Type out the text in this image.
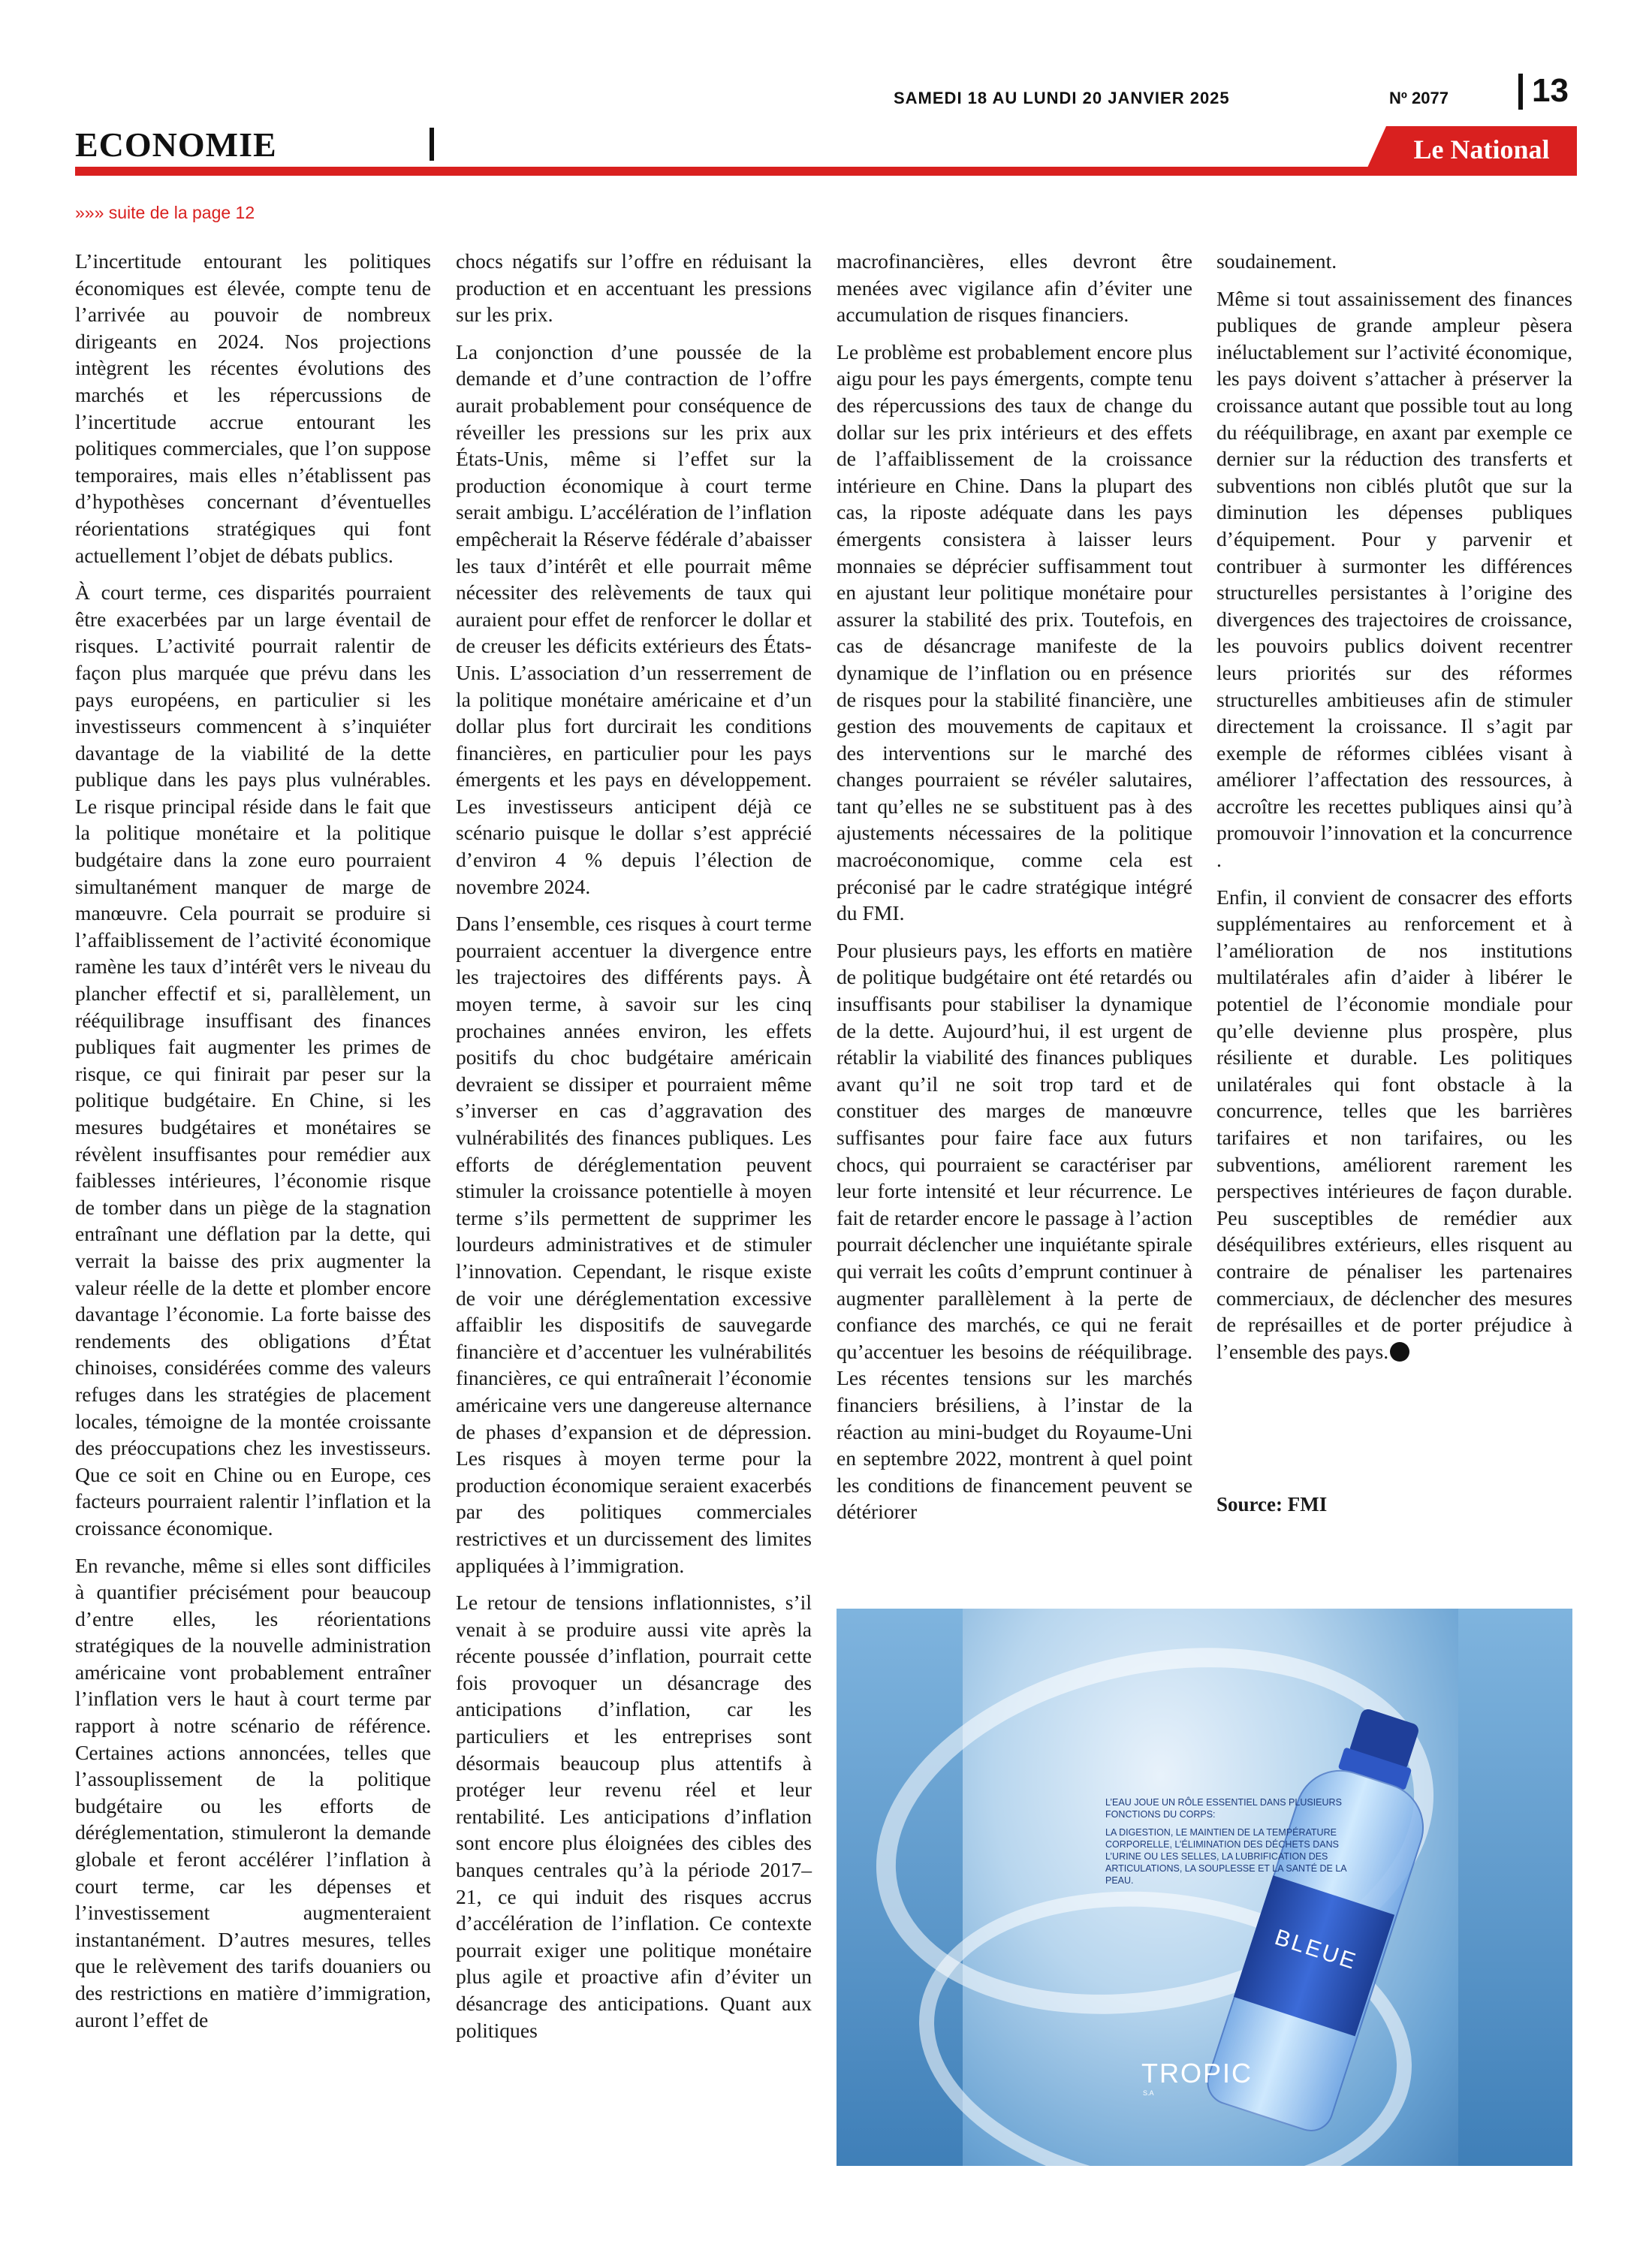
SAMEDI 18 AU LUNDI 20 JANVIER 2025	Nº 2077	13
ECONOMIE	Le National
»»» suite de la page 12

L’incertitude entourant les politiques économiques est élevée, compte tenu de l’arrivée au pouvoir de nombreux dirigeants en 2024. Nos projections intègrent les récentes évolutions des marchés et les répercussions de l’incertitude accrue entourant les politiques commerciales, que l’on suppose temporaires, mais elles n’établissent pas d’hypothèses concernant d’éventuelles réorientations stratégiques qui font actuellement l’objet de débats publics.

À court terme, ces disparités pourraient être exacerbées par un large éventail de risques. L’activité pourrait ralentir de façon plus marquée que prévu dans les pays européens, en particulier si les investisseurs commencent à s’inquiéter davantage de la viabilité de la dette publique dans les pays plus vulnérables. Le risque principal réside dans le fait que la politique monétaire et la politique budgétaire dans la zone euro pourraient simultanément manquer de marge de manœuvre. Cela pourrait se produire si l’affaiblissement de l’activité économique ramène les taux d’intérêt vers le niveau du plancher effectif et si, parallèlement, un rééquilibrage insuffisant des finances publiques fait augmenter les primes de risque, ce qui finirait par peser sur la politique budgétaire. En Chine, si les mesures budgétaires et monétaires se révèlent insuffisantes pour remédier aux faiblesses intérieures, l’économie risque de tomber dans un piège de la stagnation entraînant une déflation par la dette, qui verrait la baisse des prix augmenter la valeur réelle de la dette et plomber encore davantage l’économie. La forte baisse des rendements des obligations d’État chinoises, considérées comme des valeurs refuges dans les stratégies de placement locales, témoigne de la montée croissante des préoccupations chez les investisseurs. Que ce soit en Chine ou en Europe, ces facteurs pourraient ralentir l’inflation et la croissance économique.

En revanche, même si elles sont difficiles à quantifier précisément pour beaucoup d’entre elles, les réorientations stratégiques de la nouvelle administration américaine vont probablement entraîner l’inflation vers le haut à court terme par rapport à notre scénario de référence. Certaines actions annoncées, telles que l’assouplissement de la politique budgétaire ou les efforts de déréglementation, stimuleront la demande globale et feront accélérer l’inflation à court terme, car les dépenses et l’investissement augmenteraient instantanément. D’autres mesures, telles que le relèvement des tarifs douaniers ou des restrictions en matière d’immigration, auront l’effet de

chocs négatifs sur l’offre en réduisant la production et en accentuant les pressions sur les prix.

La conjonction d’une poussée de la demande et d’une contraction de l’offre aurait probablement pour conséquence de réveiller les pressions sur les prix aux États-Unis, même si l’effet sur la production économique à court terme serait ambigu. L’accélération de l’inflation empêcherait la Réserve fédérale d’abaisser les taux d’intérêt et elle pourrait même nécessiter des relèvements de taux qui auraient pour effet de renforcer le dollar et de creuser les déficits extérieurs des États-Unis. L’association d’un resserrement de la politique monétaire américaine et d’un dollar plus fort durcirait les conditions financières, en particulier pour les pays émergents et les pays en développement. Les investisseurs anticipent déjà ce scénario puisque le dollar s’est apprécié d’environ 4 % depuis l’élection de novembre 2024.

Dans l’ensemble, ces risques à court terme pourraient accentuer la divergence entre les trajectoires des différents pays. À moyen terme, à savoir sur les cinq prochaines années environ, les effets positifs du choc budgétaire américain devraient se dissiper et pourraient même s’inverser en cas d’aggravation des vulnérabilités des finances publiques. Les efforts de déréglementation peuvent stimuler la croissance potentielle à moyen terme s’ils permettent de supprimer les lourdeurs administratives et de stimuler l’innovation. Cependant, le risque existe de voir une déréglementation excessive affaiblir les dispositifs de sauvegarde financière et d’accentuer les vulnérabilités financières, ce qui entraînerait l’économie américaine vers une dangereuse alternance de phases d’expansion et de dépression. Les risques à moyen terme pour la production économique seraient exacerbés par des politiques commerciales restrictives et un durcissement des limites appliquées à l’immigration.

Le retour de tensions inflationnistes, s’il venait à se produire aussi vite après la récente poussée d’inflation, pourrait cette fois provoquer un désancrage des anticipations d’inflation, car les particuliers et les entreprises sont désormais beaucoup plus attentifs à protéger leur revenu réel et leur rentabilité. Les anticipations d’inflation sont encore plus éloignées des cibles des banques centrales qu’à la période 2017–21, ce qui induit des risques accrus d’accélération de l’inflation. Ce contexte pourrait exiger une politique monétaire plus agile et proactive afin d’éviter un désancrage des anticipations. Quant aux politiques

macrofinancières, elles devront être menées avec vigilance afin d’éviter une accumulation de risques financiers.

Le problème est probablement encore plus aigu pour les pays émergents, compte tenu des répercussions des taux de change du dollar sur les prix intérieurs et des effets de l’affaiblissement de la croissance intérieure en Chine. Dans la plupart des cas, la riposte adéquate dans les pays émergents consistera à laisser leurs monnaies se déprécier suffisamment tout en ajustant leur politique monétaire pour assurer la stabilité des prix. Toutefois, en cas de désancrage manifeste de la dynamique de l’inflation ou en présence de risques pour la stabilité financière, une gestion des mouvements de capitaux et des interventions sur le marché des changes pourraient se révéler salutaires, tant qu’elles ne se substituent pas à des ajustements nécessaires de la politique macroéconomique, comme cela est préconisé par le cadre stratégique intégré du FMI.

Pour plusieurs pays, les efforts en matière de politique budgétaire ont été retardés ou insuffisants pour stabiliser la dynamique de la dette. Aujourd’hui, il est urgent de rétablir la viabilité des finances publiques avant qu’il ne soit trop tard et de constituer des marges de manœuvre suffisantes pour faire face aux futurs chocs, qui pourraient se caractériser par leur forte intensité et leur récurrence. Le fait de retarder encore le passage à l’action pourrait déclencher une inquiétante spirale qui verrait les coûts d’emprunt continuer à augmenter parallèlement à la perte de confiance des marchés, ce qui ne ferait qu’accentuer les besoins de rééquilibrage. Les récentes tensions sur les marchés financiers brésiliens, à l’instar de la réaction au mini-budget du Royaume-Uni en septembre 2022, montrent à quel point les conditions de financement peuvent se détériorer

soudainement.

Même si tout assainissement des finances publiques de grande ampleur pèsera inéluctablement sur l’activité économique, les pays doivent s’attacher à préserver la croissance autant que possible tout au long du rééquilibrage, en axant par exemple ce dernier sur la réduction des transferts et subventions non ciblés plutôt que sur la diminution les dépenses publiques d’équipement. Pour y parvenir et contribuer à surmonter les différences structurelles persistantes à l’origine des divergences des trajectoires de croissance, les pouvoirs publics doivent recentrer leurs priorités sur des réformes structurelles ambitieuses afin de stimuler directement la croissance. Il s’agit par exemple de réformes ciblées visant à améliorer l’affectation des ressources, à accroître les recettes publiques ainsi qu’à promouvoir l’innovation et la concurrence .

Enfin, il convient de consacrer des efforts supplémentaires au renforcement et à l’amélioration de nos institutions multilatérales afin d’aider à libérer le potentiel de l’économie mondiale pour qu’elle devienne plus prospère, plus résiliente et durable. Les politiques unilatérales qui font obstacle à la concurrence, telles que les barrières tarifaires et non tarifaires, ou les subventions, améliorent rarement les perspectives intérieures de façon durable. Peu susceptibles de remédier aux déséquilibres extérieurs, elles risquent au contraire de pénaliser les partenaires commerciaux, de déclencher des mesures de représailles et de porter préjudice à l’ensemble des pays.

Source: FMI
BLEUE

L’EAU JOUE UN RÔLE ESSENTIEL DANS PLUSIEURS FONCTIONS DU CORPS:

LA DIGESTION, LE MAINTIEN DE LA TEMPÉRATURE CORPORELLE, L’ÉLIMINATION DES DÉCHETS DANS L’URINE OU LES SELLES, LA LUBRIFICATION DES ARTICULATIONS, LA SOUPLESSE ET LA SANTÉ DE LA PEAU.

TROPIC
S.A
